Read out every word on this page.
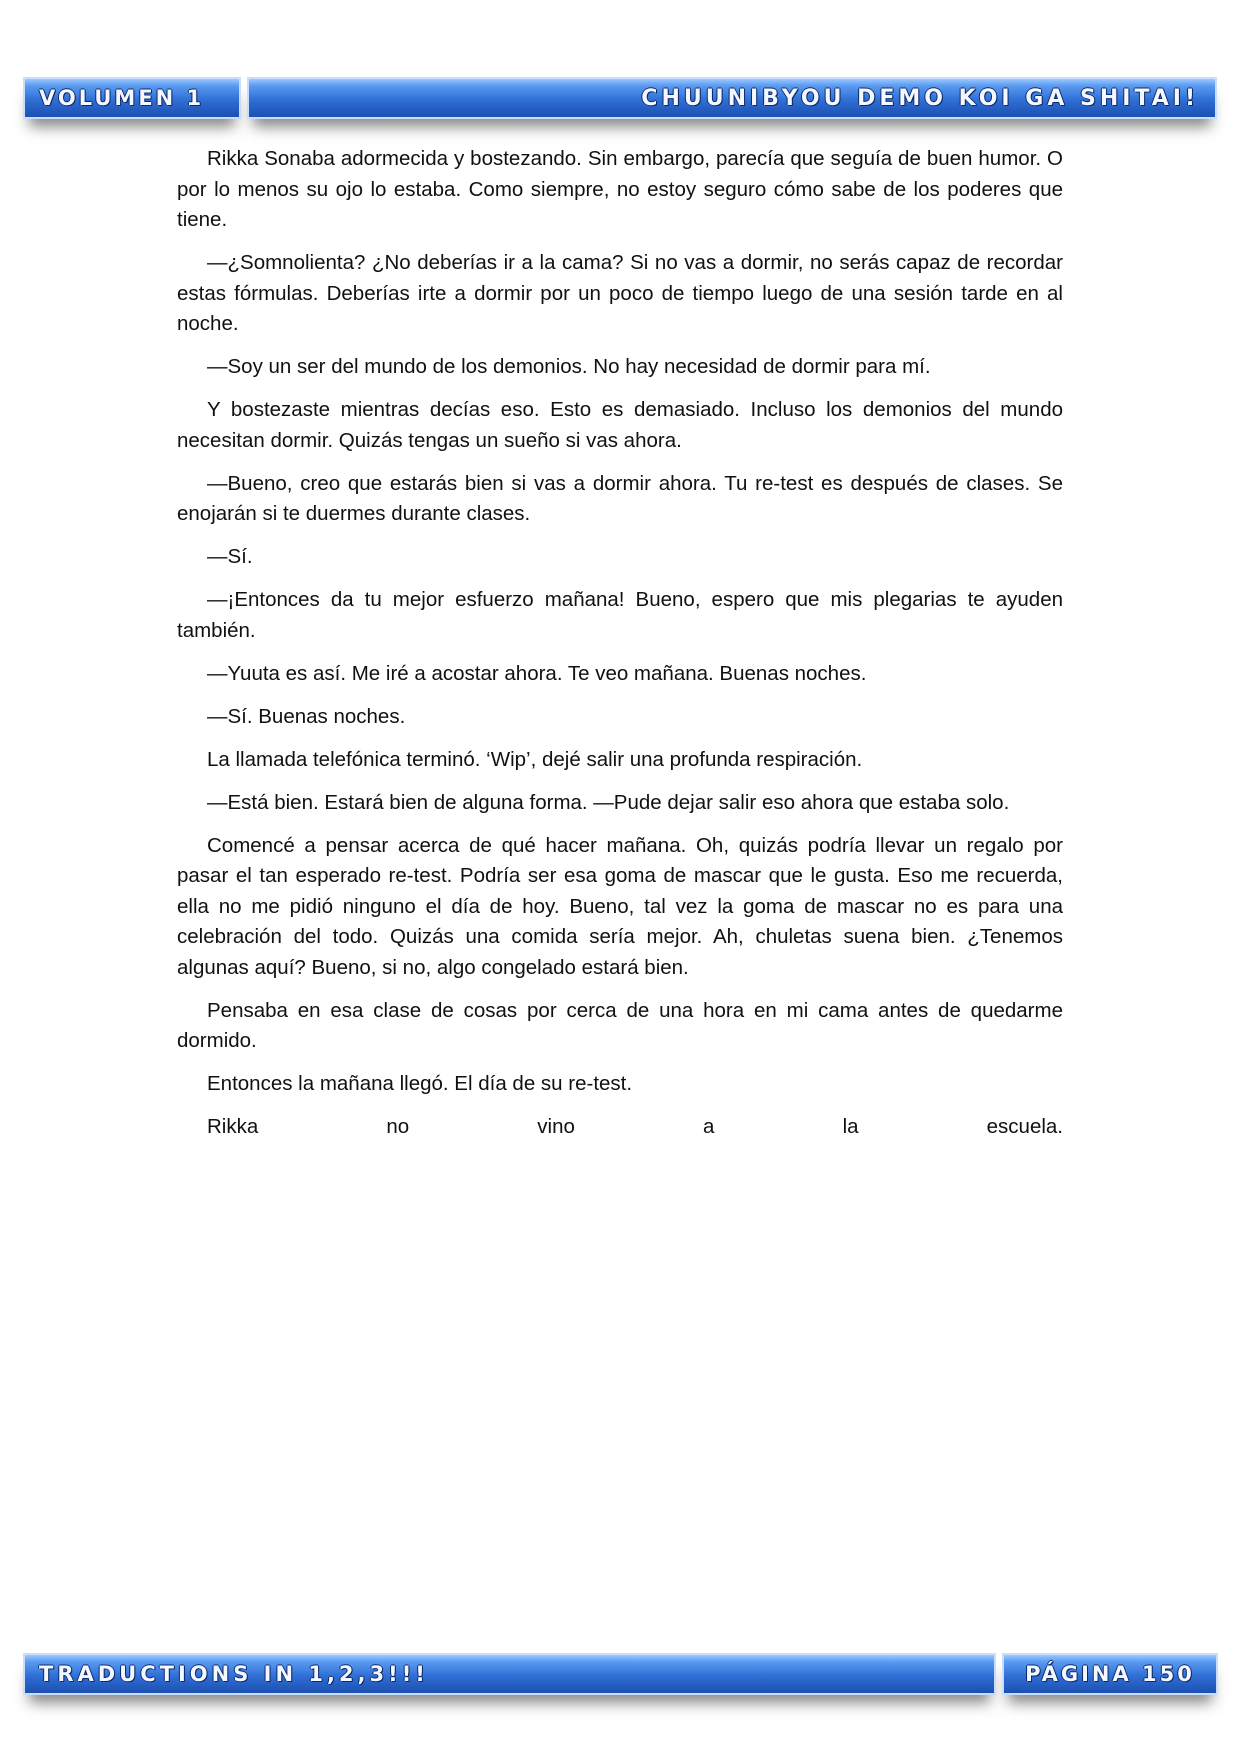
VOLUMEN 1	CHUUNIBYOU DEMO KOI GA SHITAI!

Rikka Sonaba adormecida y bostezando. Sin embargo, parecía que seguía de buen humor. O por lo menos su ojo lo estaba. Como siempre, no estoy seguro cómo sabe de los poderes que tiene.

—¿Somnolienta? ¿No deberías ir a la cama? Si no vas a dormir, no serás capaz de recordar estas fórmulas. Deberías irte a dormir por un poco de tiempo luego de una sesión tarde en al noche.

—Soy un ser del mundo de los demonios. No hay necesidad de dormir para mí.

Y bostezaste mientras decías eso. Esto es demasiado. Incluso los demonios del mundo necesitan dormir. Quizás tengas un sueño si vas ahora.

—Bueno, creo que estarás bien si vas a dormir ahora. Tu re-test es después de clases. Se enojarán si te duermes durante clases.

—Sí.

—¡Entonces da tu mejor esfuerzo mañana! Bueno, espero que mis plegarias te ayuden también.

—Yuuta es así. Me iré a acostar ahora. Te veo mañana. Buenas noches.

—Sí. Buenas noches.

La llamada telefónica terminó. ‘Wip’, dejé salir una profunda respiración.

—Está bien. Estará bien de alguna forma. —Pude dejar salir eso ahora que estaba solo.

Comencé a pensar acerca de qué hacer mañana. Oh, quizás podría llevar un regalo por pasar el tan esperado re-test. Podría ser esa goma de mascar que le gusta. Eso me recuerda, ella no me pidió ninguno el día de hoy. Bueno, tal vez la goma de mascar no es para una celebración del todo. Quizás una comida sería mejor. Ah, chuletas suena bien. ¿Tenemos algunas aquí? Bueno, si no, algo congelado estará bien.

Pensaba en esa clase de cosas por cerca de una hora en mi cama antes de quedarme dormido.

Entonces la mañana llegó. El día de su re-test.

Rikka no vino a la escuela.

TRADUCTIONS IN 1,2,3!!!	PÁGINA 150
